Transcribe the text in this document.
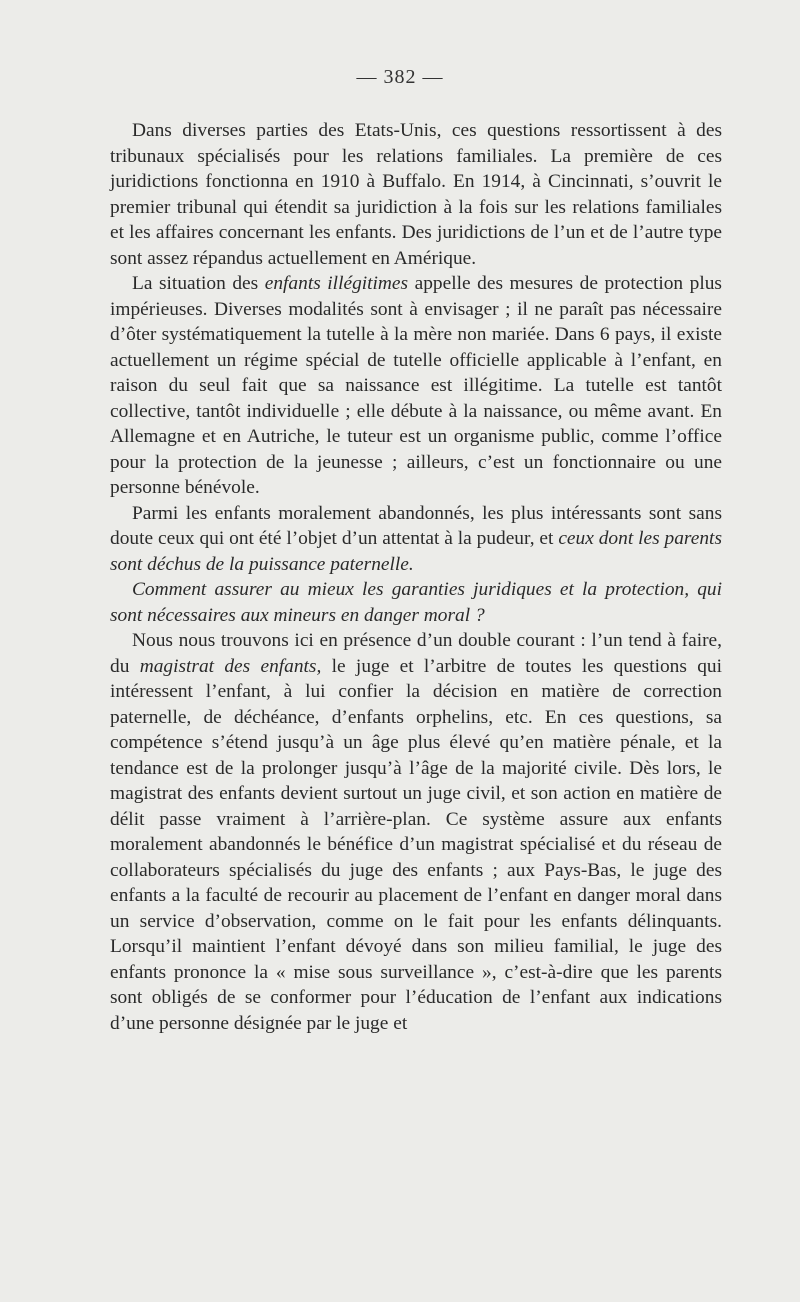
— 382 —

Dans diverses parties des Etats-Unis, ces questions ressortissent à des tribunaux spécialisés pour les relations familiales. La première de ces juridictions fonctionna en 1910 à Buffalo. En 1914, à Cincinnati, s’ouvrit le premier tribunal qui étendit sa juridiction à la fois sur les relations familiales et les affaires concernant les enfants. Des juridictions de l’un et de l’autre type sont assez répandus actuellement en Amérique.

La situation des enfants illégitimes appelle des mesures de protection plus impérieuses. Diverses modalités sont à envisager ; il ne paraît pas nécessaire d’ôter systématiquement la tutelle à la mère non mariée. Dans 6 pays, il existe actuellement un régime spécial de tutelle officielle applicable à l’enfant, en raison du seul fait que sa naissance est illégitime. La tutelle est tantôt collective, tantôt individuelle ; elle débute à la naissance, ou même avant. En Allemagne et en Autriche, le tuteur est un organisme public, comme l’office pour la protection de la jeunesse ; ailleurs, c’est un fonctionnaire ou une personne bénévole.

Parmi les enfants moralement abandonnés, les plus intéressants sont sans doute ceux qui ont été l’objet d’un attentat à la pudeur, et ceux dont les parents sont déchus de la puissance paternelle.

Comment assurer au mieux les garanties juridiques et la protection, qui sont nécessaires aux mineurs en danger moral ?

Nous nous trouvons ici en présence d’un double courant : l’un tend à faire, du magistrat des enfants, le juge et l’arbitre de toutes les questions qui intéressent l’enfant, à lui confier la décision en matière de correction paternelle, de déchéance, d’enfants orphelins, etc. En ces questions, sa compétence s’étend jusqu’à un âge plus élevé qu’en matière pénale, et la tendance est de la prolonger jusqu’à l’âge de la majorité civile. Dès lors, le magistrat des enfants devient surtout un juge civil, et son action en matière de délit passe vraiment à l’arrière-plan. Ce système assure aux enfants moralement abandonnés le bénéfice d’un magistrat spécialisé et du réseau de collaborateurs spécialisés du juge des enfants ; aux Pays-Bas, le juge des enfants a la faculté de recourir au placement de l’enfant en danger moral dans un service d’observation, comme on le fait pour les enfants délinquants. Lorsqu’il maintient l’enfant dévoyé dans son milieu familial, le juge des enfants prononce la « mise sous surveillance », c’est-à-dire que les parents sont obligés de se conformer pour l’éducation de l’enfant aux indications d’une personne désignée par le juge et
